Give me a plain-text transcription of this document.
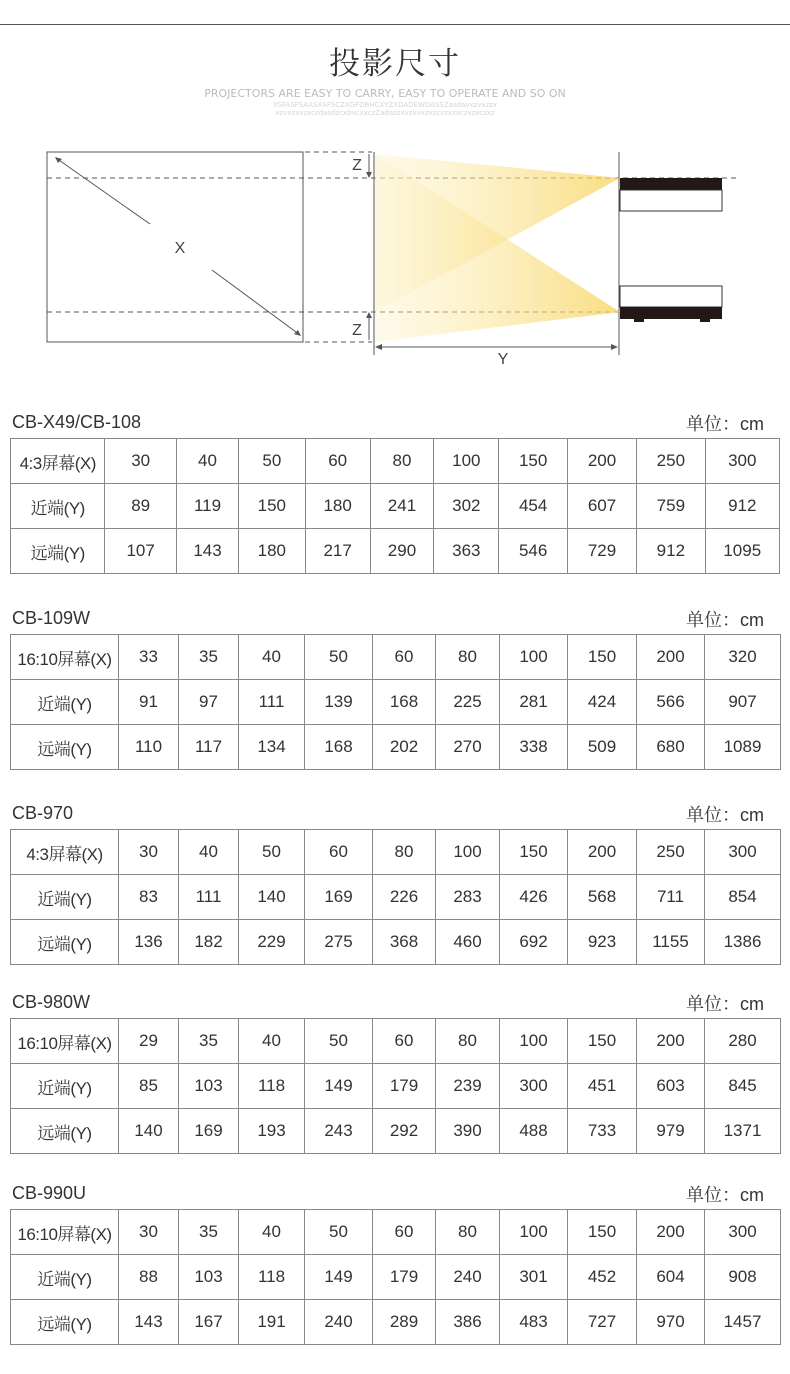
投影尺寸
PROJECTORS ARE EASY TO CARRY, EASY TO OPERATE AND SO ON
XSFASFSAASASFSCZXGFDBHCXYZXDADEWDASSZasdavxzvxzzx
xzvxzxvzxczdasdzcxbvcxxczZadazzxvzxvxzvzcvzxzxczxzxczxz
X
Z
Z
Y
CB-X49/CB-108	单位：cm
4:3屏幕(X)	30	40	50	60	80	100	150	200	250	300
近端(Y)	89	119	150	180	241	302	454	607	759	912
远端(Y)	107	143	180	217	290	363	546	729	912	1095
CB-109W	单位：cm
16:10屏幕(X)	33	35	40	50	60	80	100	150	200	320
近端(Y)	91	97	111	139	168	225	281	424	566	907
远端(Y)	110	117	134	168	202	270	338	509	680	1089
CB-970	单位：cm
4:3屏幕(X)	30	40	50	60	80	100	150	200	250	300
近端(Y)	83	111	140	169	226	283	426	568	711	854
远端(Y)	136	182	229	275	368	460	692	923	1155	1386
CB-980W	单位：cm
16:10屏幕(X)	29	35	40	50	60	80	100	150	200	280
近端(Y)	85	103	118	149	179	239	300	451	603	845
远端(Y)	140	169	193	243	292	390	488	733	979	1371
CB-990U	单位：cm
16:10屏幕(X)	30	35	40	50	60	80	100	150	200	300
近端(Y)	88	103	118	149	179	240	301	452	604	908
远端(Y)	143	167	191	240	289	386	483	727	970	1457
